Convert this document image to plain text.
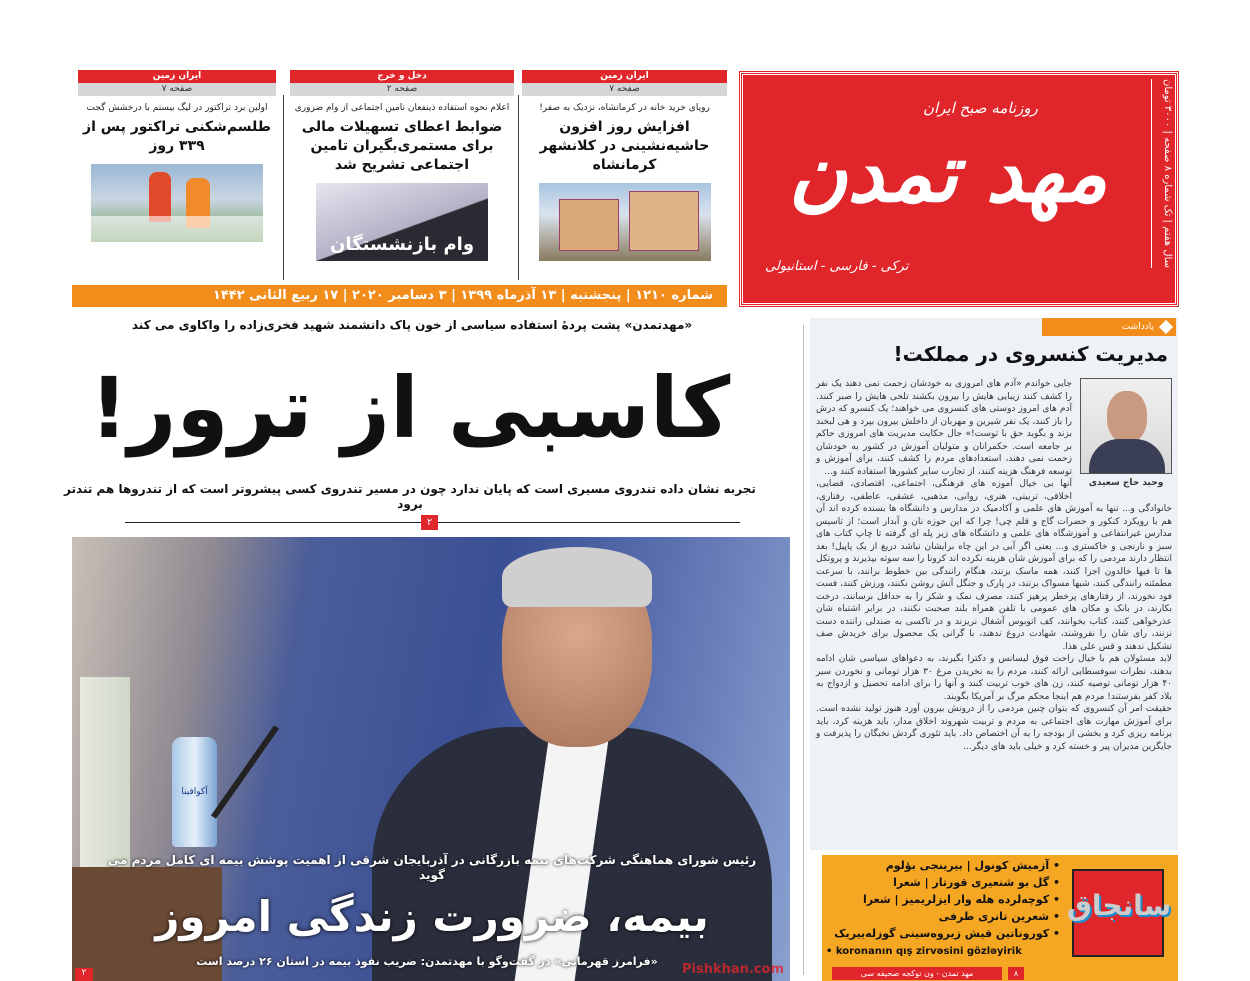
ایران زمین
صفحه ۷
اولین برد تراکتور در لیگ بیستم با درخشش گجت
طلسم‌شکنی تراکتور پس از ۳۳۹ روز
دخل و خرج
صفحه ۲
اعلام نحوه استفاده ذینفعان تامین اجتماعی از وام ضروری
ضوابط اعطای تسهیلات مالی برای مستمری‌بگیران تامین اجتماعی تشریح شد
وام بازنشستگان
ایران زمین
صفحه ۷
رویای خرید خانه در کرمانشاه، نزدیک به صفر!
افزایش روز افزون حاشیه‌نشینی در کلانشهر کرمانشاه
روزنامه صبح ایران
مهد تمدن
ترکی - فارسی - استانبولی
سال هفتم | تک شماره ۸ صفحه | ۳۰۰۰ تومان
شماره ۱۲۱۰ | پنجشنبه | ۱۳ آذرماه ۱۳۹۹ | ۳ دسامبر ۲۰۲۰ | ۱۷ ربیع الثانی ۱۴۴۲
«مهدتمدن» پشت پردهٔ استفاده سیاسی از خون پاک دانشمند شهید فخری‌زاده را واکاوی می کند
کاسبی از ترور!
تجربه نشان داده تندروی مسیری است که پایان ندارد چون در مسیر تندروی کسی پیشروتر است که از تندروها هم تندتر برود
۲
آکوافینا
رئیس شورای هماهنگی شرکت‌های بیمه بازرگانی در آذربایجان شرقی از اهمیت پوشش بیمه ای کامل مردم می گوید
بیمه، ضرورت زندگی امروز
«فرامرز قهرمانی» در گفت‌وگو با مهدتمدن: ضریب نفوذ بیمه در استان ۲۶ درصد است
Pishkhan.com
۲
یادداشت
مدیریت کنسروی در مملکت!
وحید حاج سعیدی

جایی خواندم «آدم های امروزی به خودشان زحمت نمی دهند یک نفر را کشف کنند زیبایی هایش را بیرون بکشند تلخی هایش را صبر کنند. آدم های امروز دوستی های کنسروی می خواهند؛ یک کنسرو که درش را باز کنند، یک نفر شیرین و مهربان از داخلش بیرون بپرد و هی لبخند بزند و بگوید حق با توست!» حال حکایت مدیریت های امروزی حاکم بر جامعه است. حکمرانان و متولیان آموزش در کشور به خودشان زحمت نمی دهند، استعدادهای مردم را کشف کنند، برای آموزش و توسعه فرهنگ هزینه کنند، از تجارب سایر کشورها استفاده کنند و...

آنها بی خیال آموزه های فرهنگی، اجتماعی، اقتصادی، قضایی، اخلاقی، تربیتی، هنری، روانی، مذهبی، عشقی، عاطفی، رفتاری، خانوادگی و... تنها به آموزش های علمی و آکادمیک در مدارس و دانشگاه ها بسنده کرده اند آن هم با رویکرد کنکور و حضرات گاج و قلم چی! چرا که این حوزه نان و آبدار است؛ از تاسیس مدارس غیرانتفاعی و آموزشگاه های علمی و دانشگاه های زیر پله ای گرفته تا چاپ کتاب های سبز و نارنجی و خاکستری و... یعنی اگر آبی در این چاه برایشان نباشد دریغ از یک پاپیل! بعد انتظار دارند مردمی را که برای آموزش شان هزینه نکرده اند کرونا را سه سوته بپذیرند و پروتکل ها تا فیها خالدون اجرا کنند، همه ماسک بزنند، هنگام رانندگی بین خطوط برانند، با سرعت مطمئنه رانندگی کنند، شبها مسواک بزنند، در پارک و جنگل آتش روشن نکنند، ورزش کنند، فست فود نخورند، از رفتارهای پرخطر پرهیز کنند، مصرف نمک و شکر را به حداقل برسانند، درخت بکارند، در بانک و مکان های عمومی با تلفن همراه بلند صحبت نکنند، در برابر اشتباه شان عذرخواهی کنند، کتاب بخوانند، کف اتوبوس آشغال نریزند و در تاکسی به صندلی راننده دست نزنند، رای شان را نفروشند، شهادت دروغ ندهند، با گرانی یک محصول برای خریدش صف تشکیل ندهند و قس علی هذا.

لابد مسئولان هم با خیال راحت فوق لیسانس و دکترا بگیرند، به دعواهای سیاسی شان ادامه بدهند، نظرات سوفسطایی ارائه کنند، مردم را به نخریدن مرغ ۳۰ هزار تومانی و نخوردن سیر ۴۰ هزار تومانی توصیه کنند، زن های خوب تربیت کنند و آنها را برای ادامه تحصیل و ازدواج به بلاد کفر بفرستند! مردم هم اینجا محکم مرگ بر آمریکا بگویند.

حقیقت امر آن کنسروی که بتوان چنین مردمی را از درونش بیرون آورد هنوز تولید نشده است. برای آموزش مهارت های اجتماعی به مردم و تربیت شهروند اخلاق مدار، باید هزینه کرد، باید برنامه ریزی کرد و بخشی از بودجه را به آن اختصاص داد. باید تئوری گردش نخبگان را پذیرفت و جایگزین مدیران پیر و خسته کرد و خیلی باید های دیگر...

سانجاق
• آزمیش کونول | بیرینجی بؤلوم
• گل بو شنعیری قورتار | شعرا
• کوچه‌لرده هله وار ایزلریمیز | شعرا
• شعرین تانری طرفی
• کوروناتین قیش زیروه‌سینی گوزله‌ییریک
• koronanın qış zirvəsini gözləyirik
مهد تمدن - ون توکجه صحیفه سی	۸
